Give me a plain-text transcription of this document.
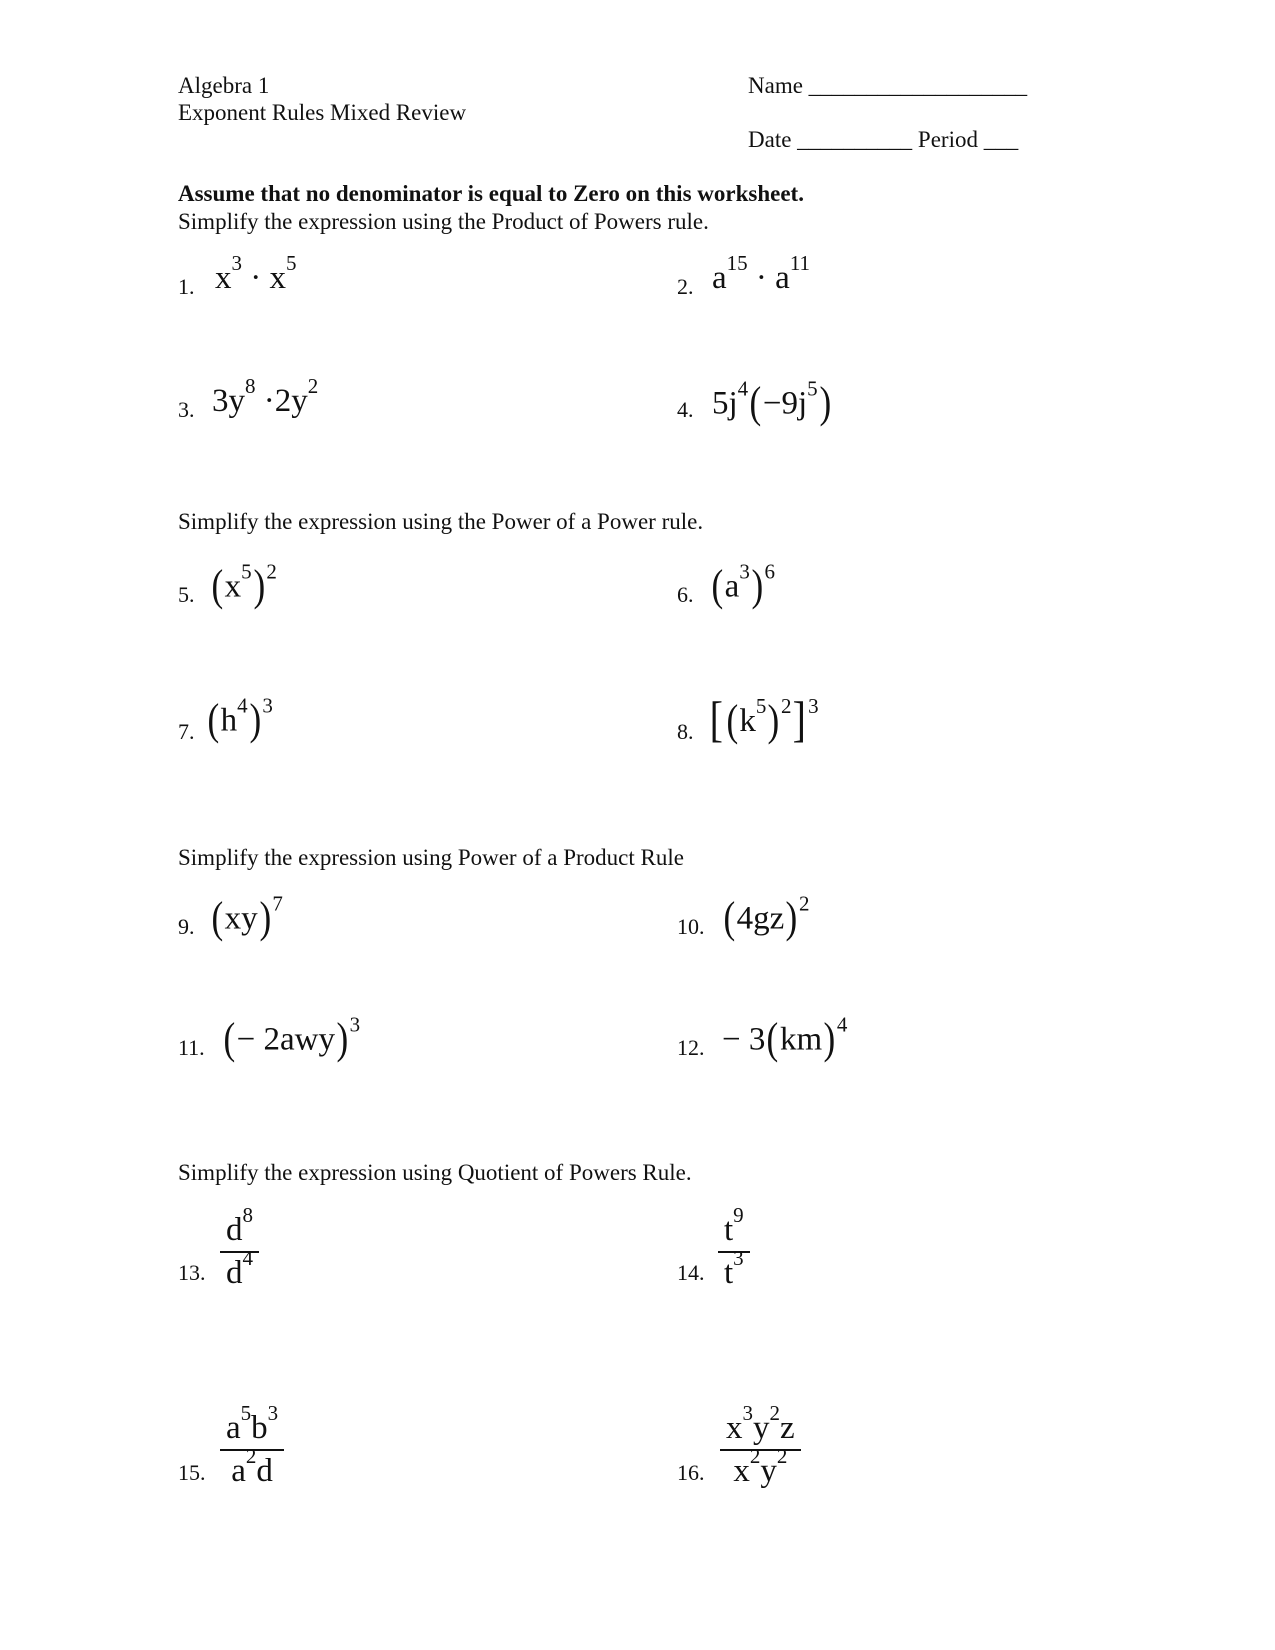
Algebra 1
Exponent Rules Mixed Review
Name ___________________
Date __________ Period ___
Assume that no denominator is equal to Zero on this worksheet.
Simplify the expression using the Product of Powers rule.
1. $x^3 \cdot x^5$
2. $a^{15} \cdot a^{11}$
3. $3y^8 \cdot 2y^2$
4. $5j^4(-9j^5)$
Simplify the expression using the Power of a Power rule.
5. $(x^5)^2$
6. $(a^3)^6$
7. $(h^4)^3$
8. $[(k^5)^2]^3$
Simplify the expression using Power of a Product Rule
9. (xy)$^7$
10. $(4gz)^2$
11. (− 2awy)$^3$
12. − 3(km)$^4$
Simplify the expression using Quotient of Powers Rule.
13. $\frac{d^8}{d^4}$	14. $\frac{t^9}{t^3}$
15. $\frac{a^5b^3}{a^2d}$	16. $\frac{x^3y^2z}{x^2y^2}$
